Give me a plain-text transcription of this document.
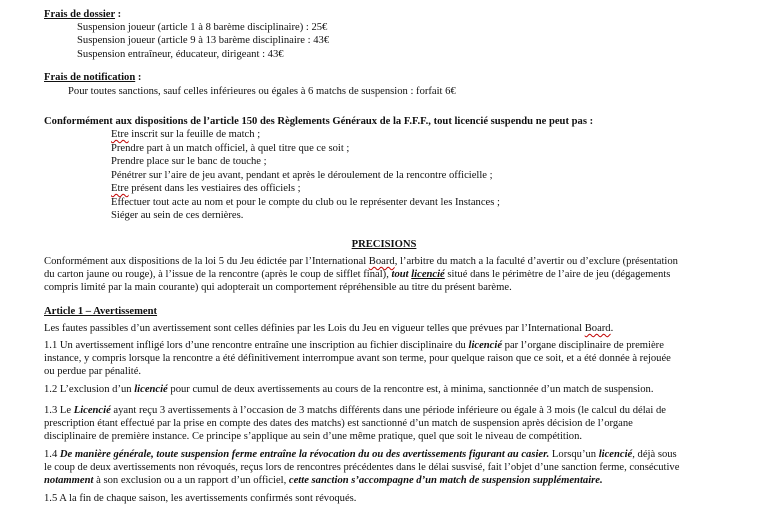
Frais de dossier :
Suspension joueur (article 1 à 8 barème disciplinaire) : 25€
Suspension joueur (article 9 à 13 barème disciplinaire : 43€
Suspension entraîneur, éducateur, dirigeant : 43€
Frais de notification :
Pour toutes sanctions, sauf celles inférieures ou égales à 6 matchs de suspension : forfait 6€
Conformément aux dispositions de l’article 150 des Règlements Généraux de la F.F.F., tout licencié suspendu ne peut pas :
Etre inscrit sur la feuille de match ;
Prendre part à un match officiel, à quel titre que ce soit ;
Prendre place sur le banc de touche ;
Pénétrer sur l’aire de jeu avant, pendant et après le déroulement de la rencontre officielle ;
Etre présent dans les vestiaires des officiels ;
Effectuer tout acte au nom et pour le compte du club ou le représenter devant les Instances ;
Siéger au sein de ces dernières.
PRECISIONS
Conformément aux dispositions de la loi 5 du Jeu édictée par l’International Board, l’arbitre du match a la faculté d’avertir ou d’exclure (présentation
du carton jaune ou rouge), à l’issue de la rencontre (après le coup de sifflet final), tout licencié situé dans le périmètre de l’aire de jeu (dégagements
compris limité par la main courante) qui adopterait un comportement répréhensible au titre du présent barème.
Article 1 – Avertissement
Les fautes passibles d’un avertissement sont celles définies par les Lois du Jeu en vigueur telles que prévues par l’International Board.
1.1 Un avertissement infligé lors d’une rencontre entraîne une inscription au fichier disciplinaire du licencié par l’organe disciplinaire de première
instance, y compris lorsque la rencontre a été définitivement interrompue avant son terme, pour quelque raison que ce soit, et a été donnée à rejouée
ou perdue par pénalité.
1.2 L’exclusion d’un licencié pour cumul de deux avertissements au cours de la rencontre est, à minima, sanctionnée d’un match de suspension.
1.3 Le Licencié ayant reçu 3 avertissements à l’occasion de 3 matchs différents dans une période inférieure ou égale à 3 mois (le calcul du délai de
prescription étant effectué par la prise en compte des dates des matchs) est sanctionné d’un match de suspension après décision de l’organe
disciplinaire de première instance. Ce principe s’applique au sein d’une même pratique, quel que soit le niveau de compétition.
1.4 De manière générale, toute suspension ferme entraîne la révocation du ou des avertissements figurant au casier. Lorsqu’un licencié, déjà sous
le coup de deux avertissements non révoqués, reçus lors de rencontres précédentes dans le délai susvisé, fait l’objet d’une sanction ferme, consécutive
notamment à son exclusion ou a un rapport d’un officiel, cette sanction s’accompagne d’un match de suspension supplémentaire.
1.5 A la fin de chaque saison, les avertissements confirmés sont révoqués.
